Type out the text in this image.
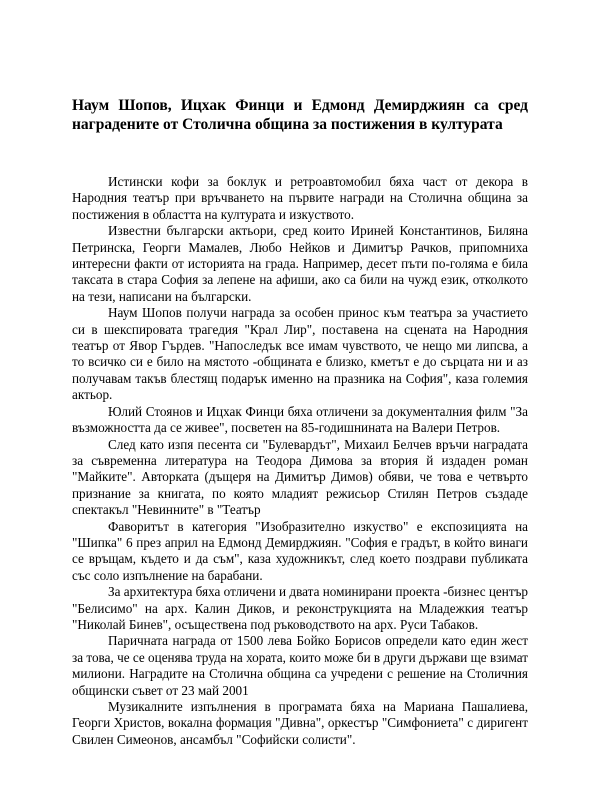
Наум Шопов, Ицхак Финци и Едмонд Демирджиян са сред наградените от Столична община за постижения в културата

Истински кофи за боклук и ретроавтомобил бяха част от декора в Народния театър при връчването на първите награди на Столична община за постижения в областта на културата и изкуството.

Известни български актьори, сред които Ириней Константинов, Биляна Петринска, Георги Мамалев, Любо Нейков и Димитър Рачков, припомниха интересни факти от историята на града. Например, десет пъти по-голяма е била таксата в стара София за лепене на афиши, ако са били на чужд език, отколкото на тези, написани на български.

Наум Шопов получи награда за особен принос към театъра за участието си в шекспировата трагедия "Крал Лир", поставена на сцената на Народния театър от Явор Гърдев. "Напоследък все имам чувството, че нещо ми липсва, а то всичко си е било на мястото -общината е близко, кметът е до сърцата ни и аз получавам такъв блестящ подарък именно на празника на София", каза големия актьор.

Юлий Стоянов и Ицхак Финци бяха отличени за документалния филм "За възможността да се живее", посветен на 85-годишнината на Валери Петров.

След като изпя песента си "Булевардът", Михаил Белчев връчи наградата за съвременна литература на Теодора Димова за втория й издаден роман "Майките". Авторката (дъщеря на Димитър Димов) обяви, че това е четвърто признание за книгата, по която младият режисьор Стилян Петров създаде спектакъл "Невинните" в "Театър

Фаворитът в категория "Изобразително изкуство" е експозицията на "Шипка" 6 през април на Едмонд Демирджиян. "София е градът, в който винаги се връщам, където и да съм", каза художникът, след което поздрави публиката със соло изпълнение на барабани.

За архитектура бяха отличени и двата номинирани проекта -бизнес център "Белисимо" на арх. Калин Диков, и реконструкцията на Младежкия театър "Николай Бинев", осъществена под ръководството на арх. Руси Табаков.

Паричната награда от 1500 лева Бойко Борисов определи като един жест за това, че се оценява труда на хората, които може би в други държави ще взимат милиони. Наградите на Столична община са учредени с решение на Столичния общински съвет от 23 май 2001

Музикалните изпълнения в програмата бяха на Мариана Пашалиева, Георги Христов, вокална формация "Дивна", оркестър "Симфониета" с диригент Свилен Симеонов, ансамбъл "Софийски солисти".
